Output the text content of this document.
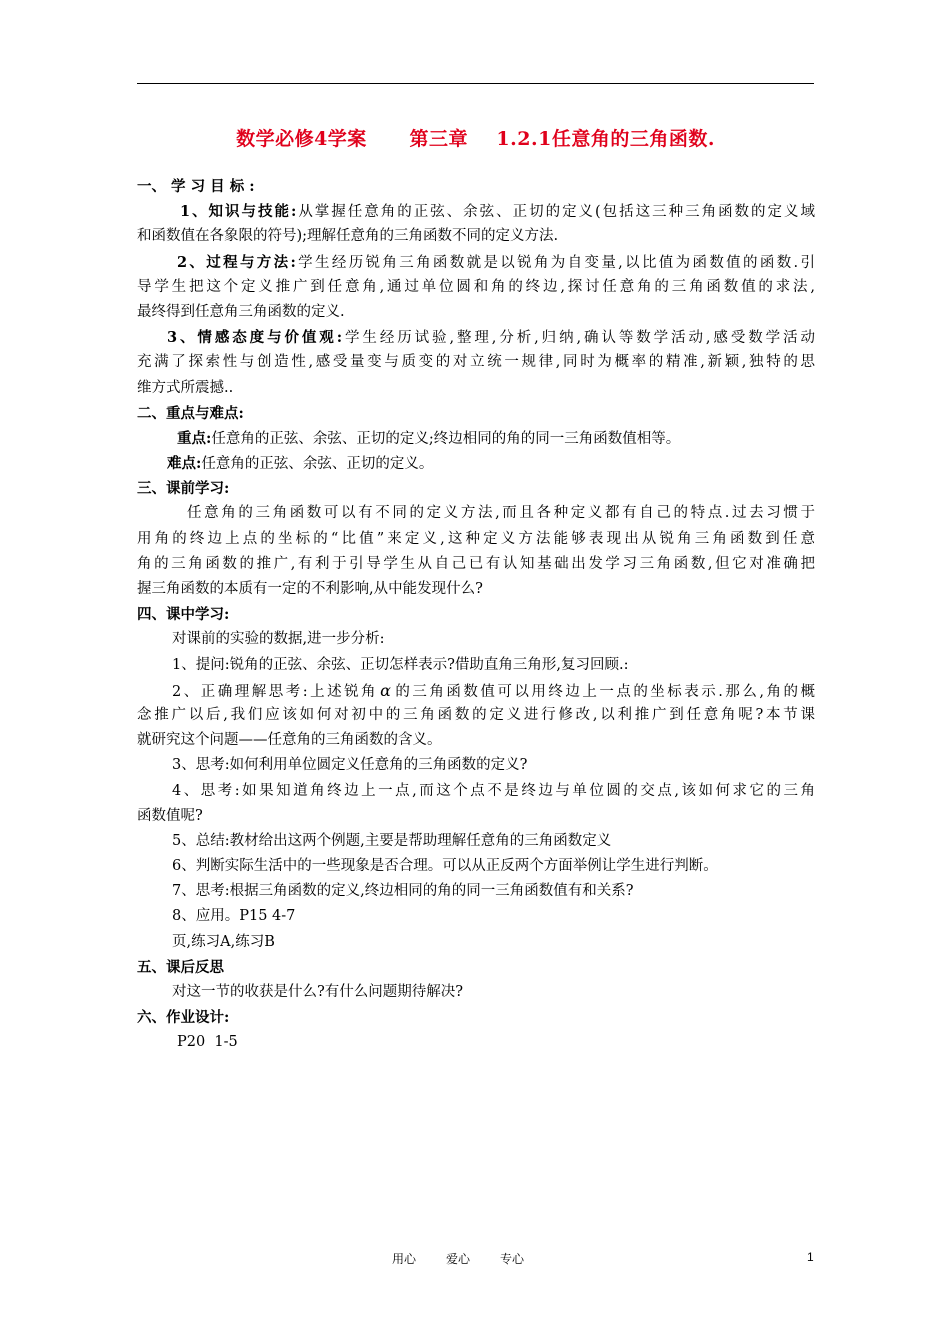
数学必修4学案      第三章    1.2.1任意角的三角函数.
一、 学 习 目 标 :
1、知识与技能:从掌握任意角的正弦、余弦、正切的定义(包括这三种三角函数的定义域
和函数值在各象限的符号);理解任意角的三角函数不同的定义方法.
2、过程与方法:学生经历锐角三角函数就是以锐角为自变量,以比值为函数值的函数.引
导学生把这个定义推广到任意角,通过单位圆和角的终边,探讨任意角的三角函数值的求法,
最终得到任意角三角函数的定义.
3、情感态度与价值观:学生经历试验,整理,分析,归纳,确认等数学活动,感受数学活动
充满了探索性与创造性,感受量变与质变的对立统一规律,同时为概率的精准,新颖,独特的思
维方式所震撼..
二、重点与难点:
重点:任意角的正弦、余弦、正切的定义;终边相同的角的同一三角函数值相等。
难点:任意角的正弦、余弦、正切的定义。
三、课前学习:
任意角的三角函数可以有不同的定义方法,而且各种定义都有自己的特点.过去习惯于
用角的终边上点的坐标的“比值”来定义,这种定义方法能够表现出从锐角三角函数到任意
角的三角函数的推广,有利于引导学生从自己已有认知基础出发学习三角函数,但它对准确把
握三角函数的本质有一定的不利影响,从中能发现什么?
四、课中学习:
对课前的实验的数据,进一步分析:
1、提问:锐角的正弦、余弦、正切怎样表示?借助直角三角形,复习回顾.:
2、正确理解思考:上述锐角 α 的三角函数值可以用终边上一点的坐标表示.那么,角的概
念推广以后,我们应该如何对初中的三角函数的定义进行修改,以利推广到任意角呢?本节课
就研究这个问题——任意角的三角函数的含义。
3、思考:如何利用单位圆定义任意角的三角函数的定义?
4、思考:如果知道角终边上一点,而这个点不是终边与单位圆的交点,该如何求它的三角
函数值呢?
5、总结:教材给出这两个例题,主要是帮助理解任意角的三角函数定义
6、判断实际生活中的一些现象是否合理。可以从正反两个方面举例让学生进行判断。
7、思考:根据三角函数的定义,终边相同的角的同一三角函数值有和关系?
8、应用。P15 4-7
页,练习A,练习B
五、课后反思
对这一节的收获是什么?有什么问题期待解决?
六、作业设计:
P20  1-5
用心	爱心	专心	1
